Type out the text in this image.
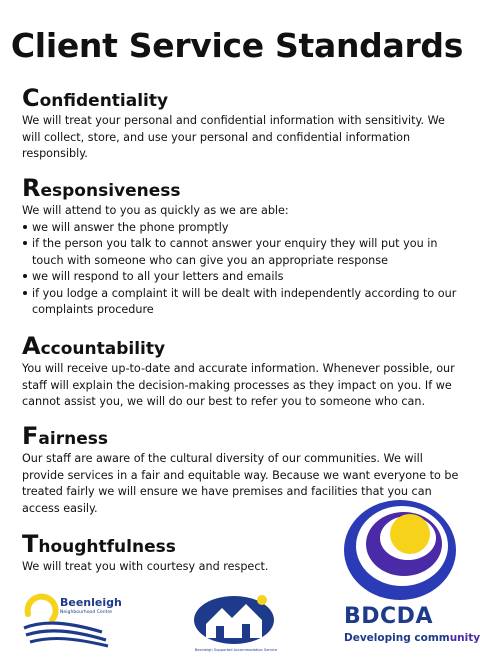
Client Service Standards
Confidentiality

We will treat your personal and confidential information with sensitivity. We
will collect, store, and use your personal and confidential information
responsibly.

Responsiveness

We will attend to you as quickly as we are able:
we will answer the phone promptly
if the person you talk to cannot answer your enquiry they will put you in
touch with someone who can give you an appropriate response
we will respond to all your letters and emails
if you lodge a complaint it will be dealt with independently according to our
complaints procedure

Accountability

You will receive up-to-date and accurate information. Whenever possible, our
staff will explain the decision-making processes as they impact on you. If we
cannot assist you, we will do our best to refer you to someone who can.

Fairness

Our staff are aware of the cultural diversity of our communities. We will
provide services in a fair and equitable way. Because we want everyone to be
treated fairly we will ensure we have premises and facilities that you can
access easily.

Thoughtfulness

We will treat you with courtesy and respect.

Beenleigh
Neighbourhood Centre
Beenleigh Supported Accommodation Service
BDCDA
Developing community
